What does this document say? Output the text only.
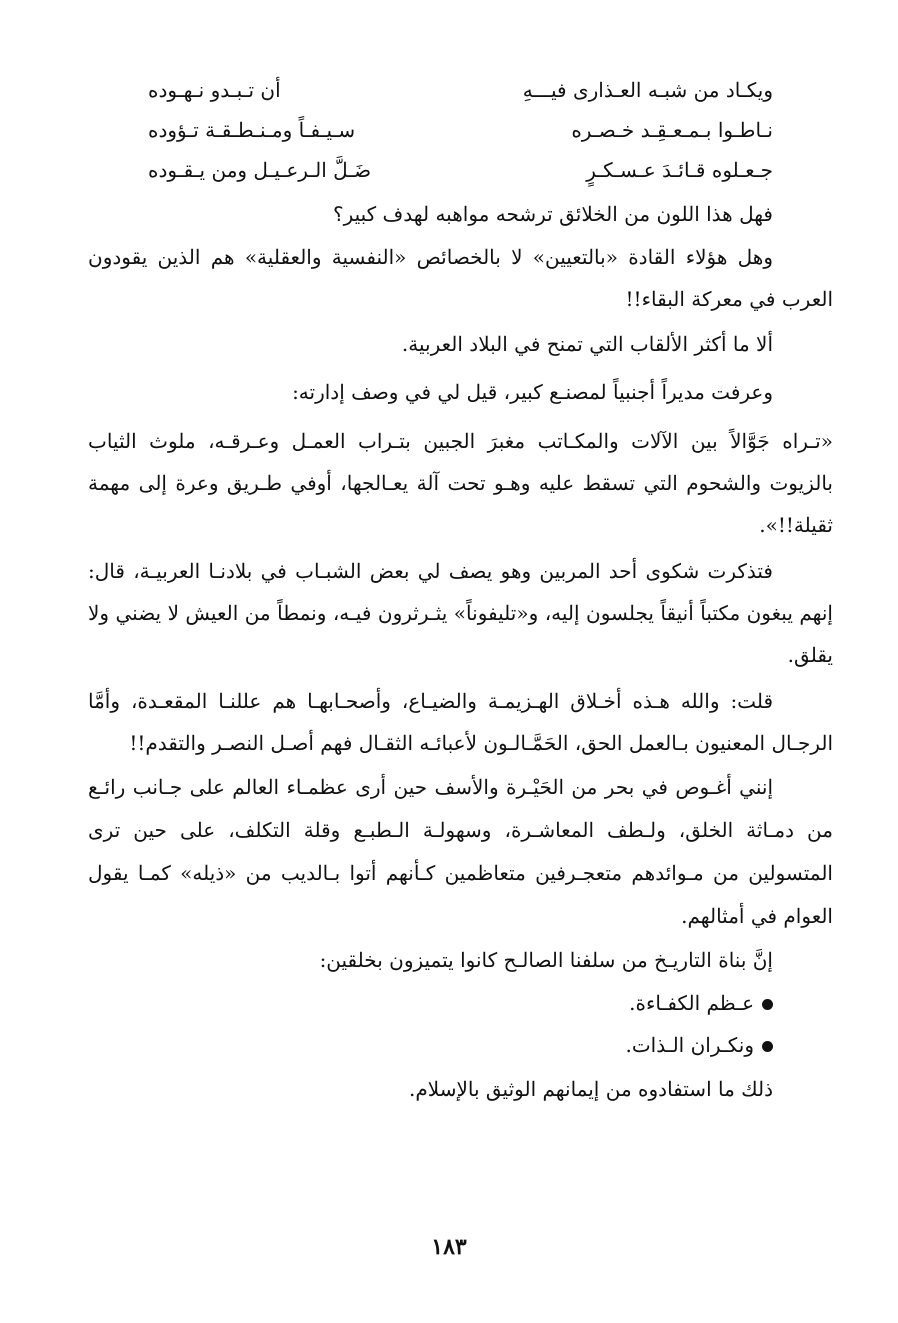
ويكـاد من شبـه العـذارى فيـــهِ
أن تـبـدو نـهـوده
نـاطـوا بـمـعـقِـد خـصـره
سـيـفـاً ومـنـطـقـة تـؤوده
جـعـلوه قـائـدَ عـسـكـرٍ
ضَـلَّ الـرعـيـل ومن يـقـوده

فهل هذا اللون من الخلائق ترشحه مواهبه لهدف كبير؟

وهل هؤلاء القادة «بالتعيين» لا بالخصائص «النفسية والعقلية» هم الذين يقودون العرب في معركة البقاء!!

ألا ما أكثر الألقاب التي تمنح في البلاد العربية.

وعرفت مديراً أجنبياً لمصنـع كبير، قيل لي في وصف إدارته:

«تـراه جَوَّالاً بين الآلات والمكـاتب مغبرَ الجبين بتـراب العمـل وعـرقـه، ملوث الثياب بالزيوت والشحوم التي تسقط عليه وهـو تحت آلة يعـالجها، أوفي طـريق وعرة إلى مهمة ثقيلة!!».

فتذكرت شكوى أحد المربين وهو يصف لي بعض الشبـاب في بلادنـا العربيـة، قال: إنهم يبغون مكتباً أنيقاً يجلسون إليه، و«تليفوناً» يثـرثرون فيـه، ونمطاً من العيش لا يضني ولا يقلق.

قلت: والله هـذه أخـلاق الهـزيمـة والضيـاع، وأصحـابهـا هم عللنـا المقعـدة، وأمَّا الرجـال المعنيون بـالعمل الحق، الحَمَّـالـون لأعبائـه الثقـال فهم أصـل النصـر والتقدم!!

إنني أغـوص في بحر من الحَيْـرة والأسف حين أرى عظمـاء العالم على جـانب رائـع من دمـاثة الخلق، ولـطف المعاشـرة، وسهولـة الـطبـع وقلة التكلف، على حين ترى المتسولين من مـوائدهم متعجـرفين متعاظمين كـأنهم أتوا بـالديب من «ذيله» كمـا يقول العوام في أمثالهم.

إنَّ بناة التاريـخ من سلفنا الصالـح كانوا يتميزون بخلقين:

عـظم الكفـاءة.
ونكـران الـذات.

ذلك ما استفادوه من إيمانهم الوثيق بالإسلام.

١٨٣
